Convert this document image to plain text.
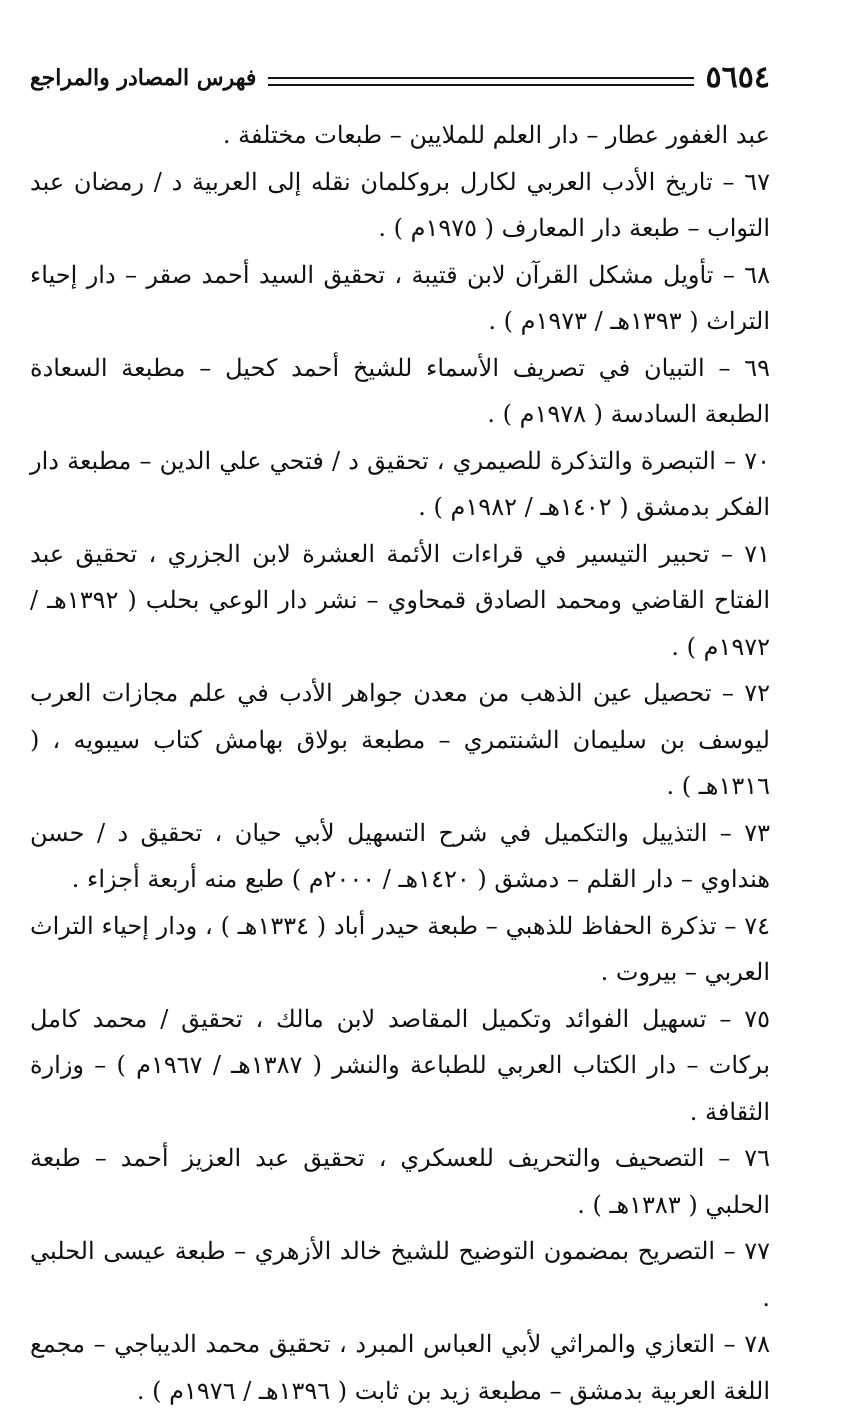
٥٦٥٤
فهرس المصادر والمراجع

عبد الغفور عطار – دار العلم للملايين – طبعات مختلفة .

٦٧ – تاريخ الأدب العربي لكارل بروكلمان نقله إلى العربية د / رمضان عبد التواب – طبعة دار المعارف ( ١٩٧٥م ) .

٦٨ – تأويل مشكل القرآن لابن قتيبة ، تحقيق السيد أحمد صقر – دار إحياء التراث ( ١٣٩٣هـ / ١٩٧٣م ) .

٦٩ – التبيان في تصريف الأسماء للشيخ أحمد كحيل – مطبعة السعادة الطبعة السادسة ( ١٩٧٨م ) .

٧٠ – التبصرة والتذكرة للصيمري ، تحقيق د / فتحي علي الدين – مطبعة دار الفكر بدمشق ( ١٤٠٢هـ / ١٩٨٢م ) .

٧١ – تحبير التيسير في قراءات الأئمة العشرة لابن الجزري ، تحقيق عبد الفتاح القاضي ومحمد الصادق قمحاوي – نشر دار الوعي بحلب ( ١٣٩٢هـ / ١٩٧٢م ) .

٧٢ – تحصيل عين الذهب من معدن جواهر الأدب في علم مجازات العرب ليوسف بن سليمان الشنتمري – مطبعة بولاق بهامش كتاب سيبويه ، ( ١٣١٦هـ ) .

٧٣ – التذييل والتكميل في شرح التسهيل لأبي حيان ، تحقيق د / حسن هنداوي – دار القلم – دمشق ( ١٤٢٠هـ / ٢٠٠٠م ) طبع منه أربعة أجزاء .

٧٤ – تذكرة الحفاظ للذهبي – طبعة حيدر أباد ( ١٣٣٤هـ ) ، ودار إحياء التراث العربي – بيروت .

٧٥ – تسهيل الفوائد وتكميل المقاصد لابن مالك ، تحقيق / محمد كامل بركات – دار الكتاب العربي للطباعة والنشر ( ١٣٨٧هـ / ١٩٦٧م ) – وزارة الثقافة .

٧٦ – التصحيف والتحريف للعسكري ، تحقيق عبد العزيز أحمد – طبعة الحلبي ( ١٣٨٣هـ ) .

٧٧ – التصريح بمضمون التوضيح للشيخ خالد الأزهري – طبعة عيسى الحلبي .

٧٨ – التعازي والمراثي لأبي العباس المبرد ، تحقيق محمد الديباجي – مجمع اللغة العربية بدمشق – مطبعة زيد بن ثابت ( ١٣٩٦هـ / ١٩٧٦م ) .
